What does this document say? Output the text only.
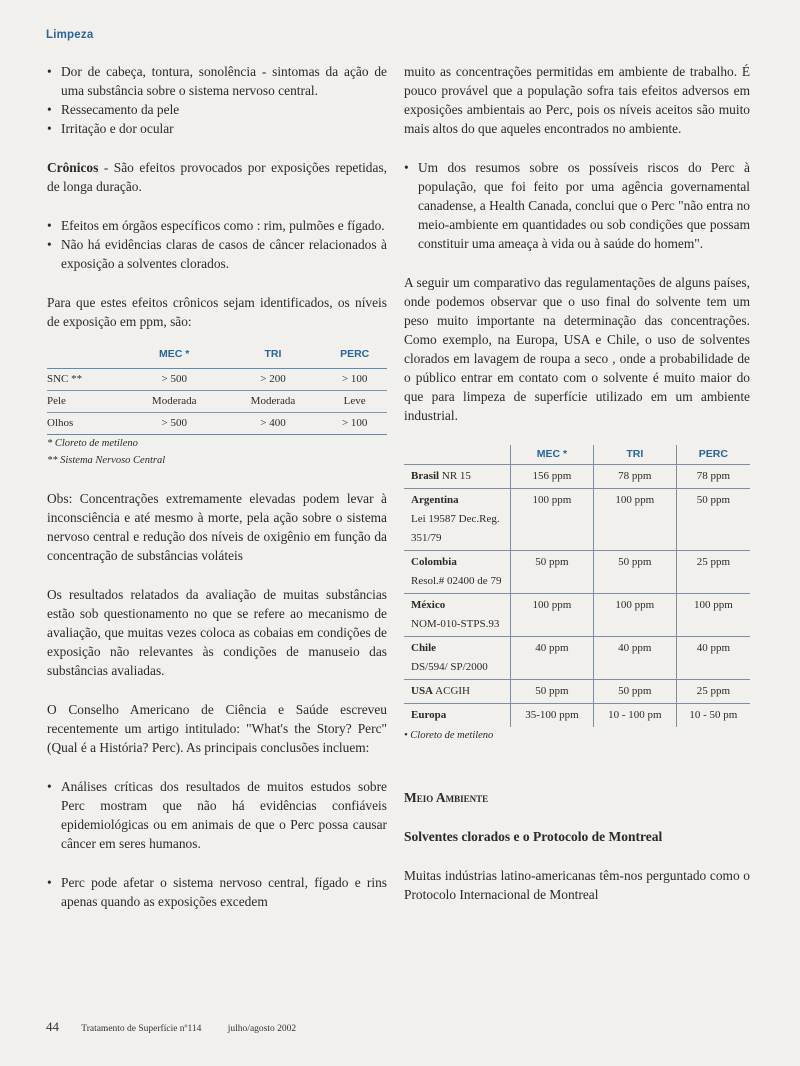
Limpeza
• Dor de cabeça, tontura, sonolência - sintomas da ação de uma substância sobre o sistema nervoso central.
• Ressecamento da pele
• Irritação e dor ocular

Crônicos - São efeitos provocados por exposições repetidas, de longa duração.

• Efeitos em órgãos específicos como : rim, pulmões e fígado.
• Não há evidências claras de casos de câncer relacionados à exposição a solventes clorados.

Para que estes efeitos crônicos sejam identificados, os níveis de exposição em ppm, são:

	MEC *	TRI	PERC
SNC **	> 500	> 200	> 100
Pele	Moderada	Moderada	Leve
Olhos	> 500	> 400	> 100
* Cloreto de metileno
** Sistema Nervoso Central

Obs: Concentrações extremamente elevadas podem levar à inconsciência e até mesmo à morte, pela ação sobre o sistema nervoso central e redução dos níveis de oxigênio em função da concentração de substâncias voláteis

Os resultados relatados da avaliação de muitas substâncias estão sob questionamento no que se refere ao mecanismo de avaliação, que muitas vezes coloca as cobaias em condições de exposição não relevantes às condições de manuseio das substâncias avaliadas.

O Conselho Americano de Ciência e Saúde escreveu recentemente um artigo intitulado: "What's the Story? Perc" (Qual é a História? Perc). As principais conclusões incluem:

• Análises críticas dos resultados de muitos estudos sobre Perc mostram que não há evidências confiáveis epidemiológicas ou em animais de que o Perc possa causar câncer em seres humanos.
• Perc pode afetar o sistema nervoso central, fígado e rins apenas quando as exposições excedem

muito as concentrações permitidas em ambiente de trabalho. É pouco provável que a população sofra tais efeitos adversos em exposições ambientais ao Perc, pois os níveis aceitos são muito mais altos do que aqueles encontrados no ambiente.

• Um dos resumos sobre os possíveis riscos do Perc à população, que foi feito por uma agência governamental canadense, a Health Canada, conclui que o Perc "não entra no meio-ambiente em quantidades ou sob condições que possam constituir uma ameaça à vida ou à saúde do homem".

A seguir um comparativo das regulamentações de alguns países, onde podemos observar que o uso final do solvente tem um peso muito importante na determinação das concentrações. Como exemplo, na Europa, USA e Chile, o uso de solventes clorados em lavagem de roupa a seco , onde a probabilidade de o público entrar em contato com o solvente é muito maior do que para limpeza de superfície utilizado em um ambiente industrial.

	MEC *	TRI	PERC
Brasil NR 15	156 ppm	78 ppm	78 ppm
Argentina
Lei 19587 Dec.Reg. 351/79	100 ppm	100 ppm	50 ppm
Colombia
Resol.# 02400 de 79	50 ppm	50 ppm	25 ppm
México
NOM-010-STPS.93	100 ppm	100 ppm	100 ppm
Chile
DS/594/ SP/2000	40 ppm	40 ppm	40 ppm
USA ACGIH	50 ppm	50 ppm	25 ppm
Europa	35-100 ppm	10 - 100 pm	10 - 50 pm
• Cloreto de metileno

Meio Ambiente

Solventes clorados e o Protocolo de Montreal

Muitas indústrias latino-americanas têm-nos perguntado como o Protocolo Internacional de Montreal

44 Tratamento de Superfície nº114	julho/agosto 2002
